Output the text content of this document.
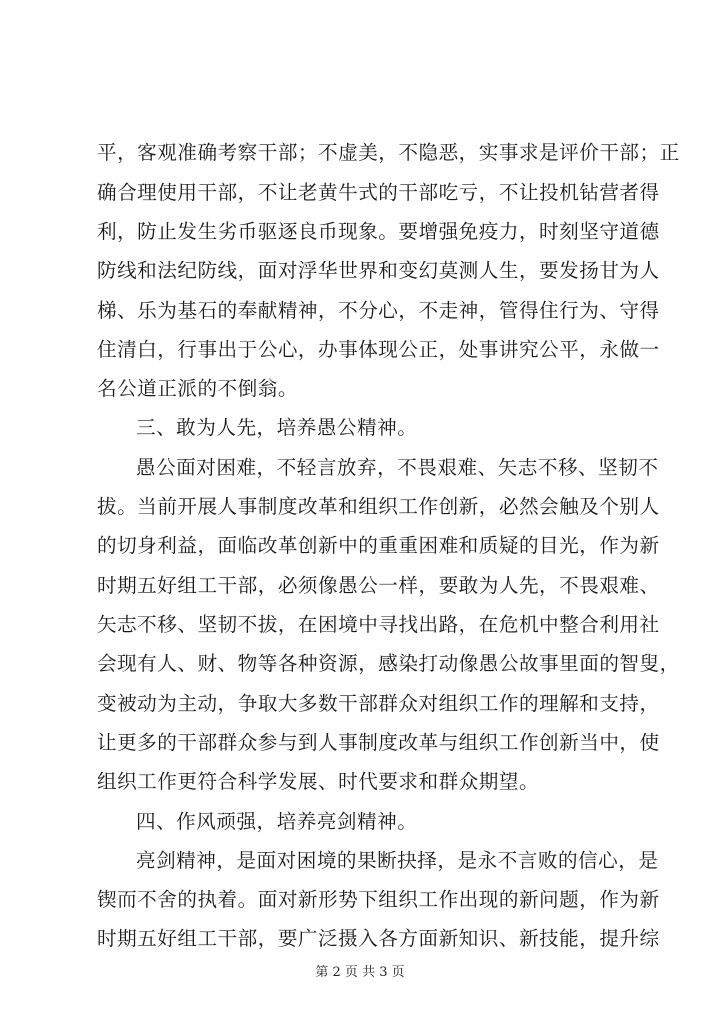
平，客观准确考察干部；不虚美，不隐恶，实事求是评价干部；正
确合理使用干部，不让老黄牛式的干部吃亏，不让投机钻营者得
利，防止发生劣币驱逐良币现象。要增强免疫力，时刻坚守道德
防线和法纪防线，面对浮华世界和变幻莫测人生，要发扬甘为人
梯、乐为基石的奉献精神，不分心，不走神，管得住行为、守得
住清白，行事出于公心，办事体现公正，处事讲究公平，永做一
名公道正派的不倒翁。
三、敢为人先，培养愚公精神。
愚公面对困难，不轻言放弃，不畏艰难、矢志不移、坚韧不
拔。当前开展人事制度改革和组织工作创新，必然会触及个别人
的切身利益，面临改革创新中的重重困难和质疑的目光，作为新
时期五好组工干部，必须像愚公一样，要敢为人先，不畏艰难、
矢志不移、坚韧不拔，在困境中寻找出路，在危机中整合利用社
会现有人、财、物等各种资源，感染打动像愚公故事里面的智叟，
变被动为主动，争取大多数干部群众对组织工作的理解和支持，
让更多的干部群众参与到人事制度改革与组织工作创新当中，使
组织工作更符合科学发展、时代要求和群众期望。
四、作风顽强，培养亮剑精神。
亮剑精神，是面对困境的果断抉择，是永不言败的信心，是
锲而不舍的执着。面对新形势下组织工作出现的新问题，作为新
时期五好组工干部，要广泛摄入各方面新知识、新技能，提升综
第 2 页 共 3 页
